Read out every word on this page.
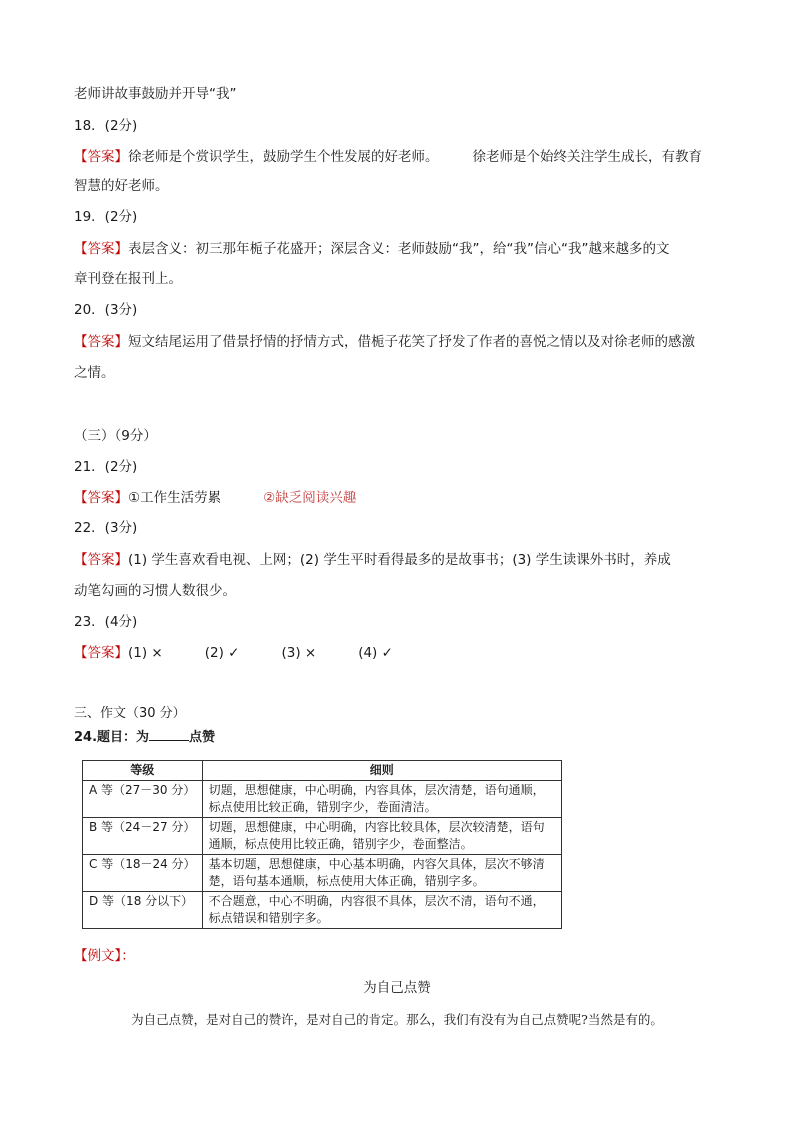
老师讲故事鼓励并开导“我”
18．(2分)
【答案】徐老师是个赏识学生，鼓励学生个性发展的好老师。	徐老师是个始终关注学生成长，有教育
智慧的好老师。
19．(2分)
【答案】表层含义：初三那年栀子花盛开；深层含义：老师鼓励“我”，给“我”信心“我”越来越多的文
章刊登在报刊上。
20．(3分)
【答案】短文结尾运用了借景抒情的抒情方式，借栀子花笑了抒发了作者的喜悦之情以及对徐老师的感激
之情。
（三）（9分）
21．(2分)
【答案】①工作生活劳累	②缺乏阅读兴趣
22．(3分)
【答案】(1) 学生喜欢看电视、上网；(2) 学生平时看得最多的是故事书；(3) 学生读课外书时，养成
动笔勾画的习惯人数很少。
23．(4分)
【答案】(1) ×	(2) ✓	(3) ×	(4) ✓
三、作文（30 分）
24.题目：为	点赞
等级	细则
A 等（27－30 分）	切题，思想健康，中心明确，内容具体，层次清楚，语句通顺，标点使用比较正确，错别字少，卷面清洁。
B 等（24－27 分）	切题，思想健康，中心明确，内容比较具体，层次较清楚，语句通顺，标点使用比较正确，错别字少，卷面整洁。
C 等（18－24 分）	基本切题，思想健康，中心基本明确，内容欠具体，层次不够清楚，语句基本通顺，标点使用大体正确，错别字多。
D 等（18 分以下）	不合题意，中心不明确，内容很不具体，层次不清，语句不通，标点错误和错别字多。
【例文】：
为自己点赞
为自己点赞，是对自己的赞许，是对自己的肯定。那么，我们有没有为自己点赞呢?当然是有的。
